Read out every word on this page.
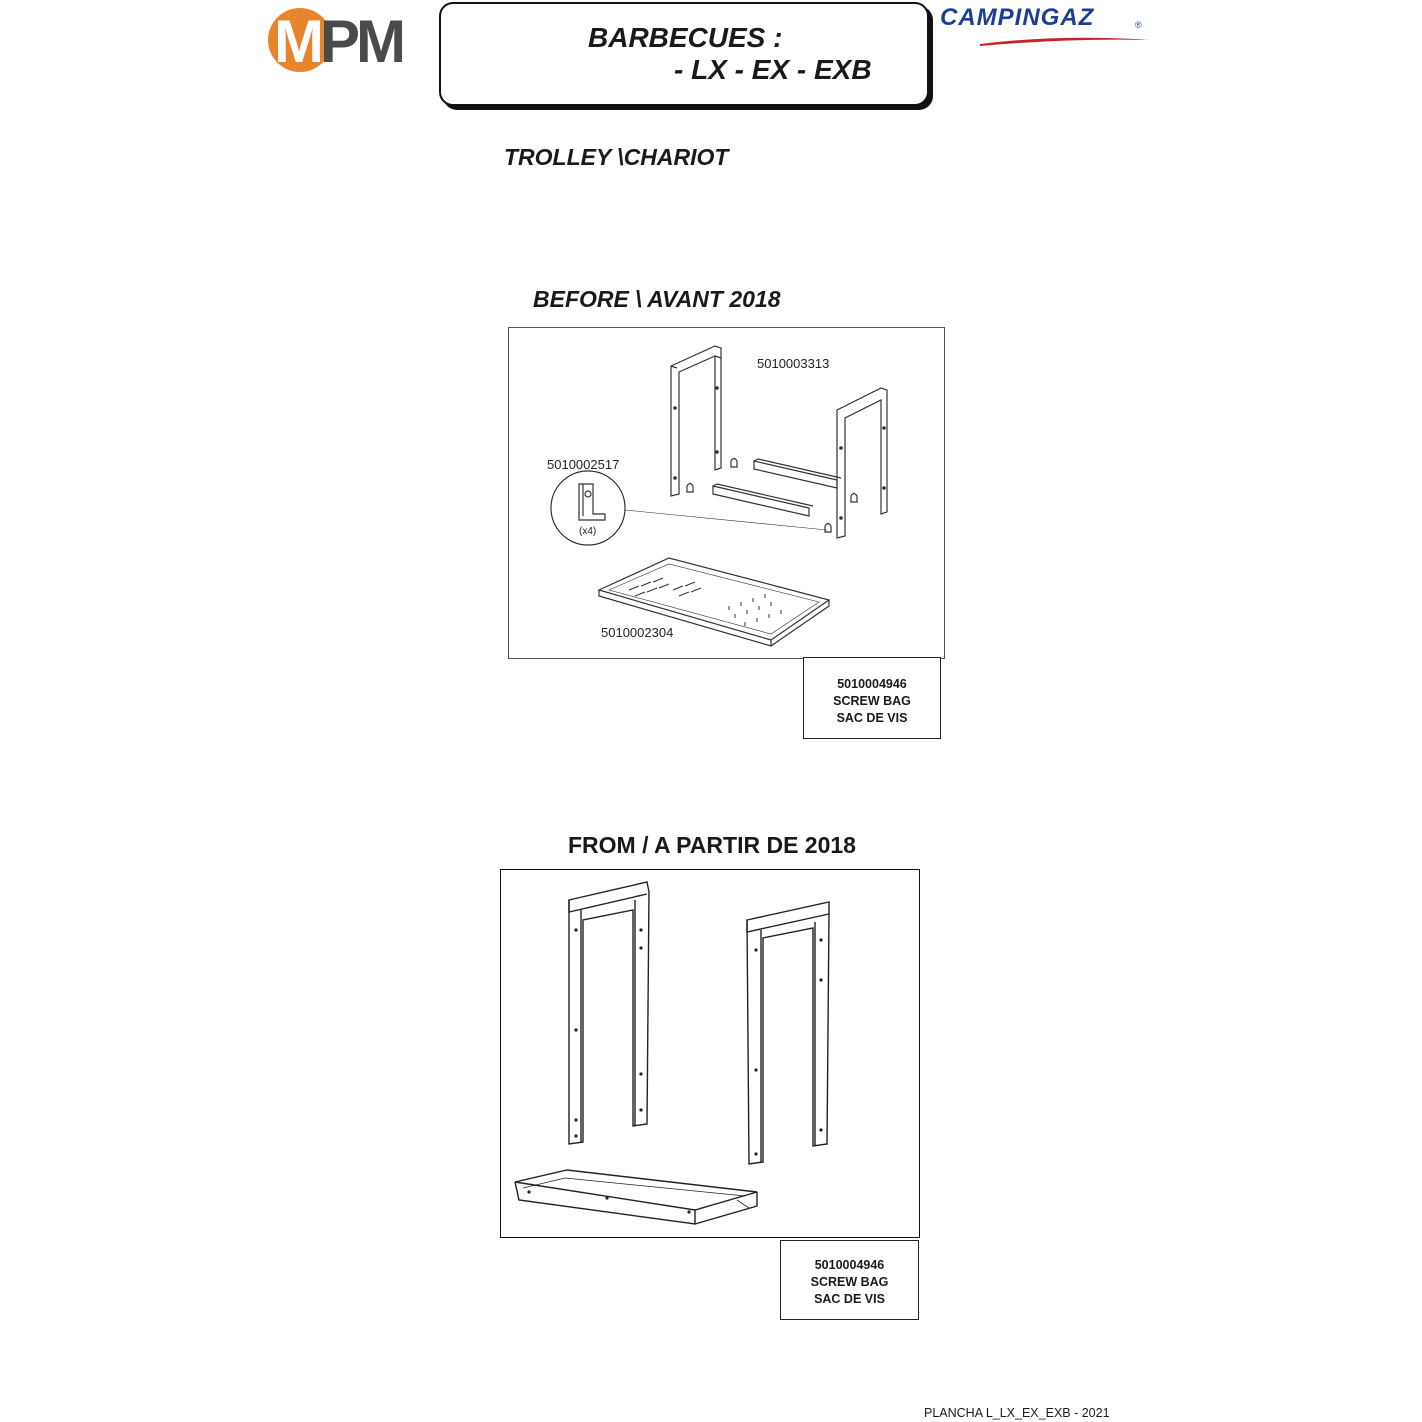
MPM	BARBECUES :
- LX - EX - EXB
CAMPINGAZ	®
TROLLEY \CHARIOT
BEFORE \ AVANT 2018
5010003313
5010002517
(x4)
5010002304
5010004946
SCREW BAG
SAC DE VIS
FROM / A PARTIR DE 2018
5010004946
SCREW BAG
SAC DE VIS
PLANCHA L_LX_EX_EXB - 2021
